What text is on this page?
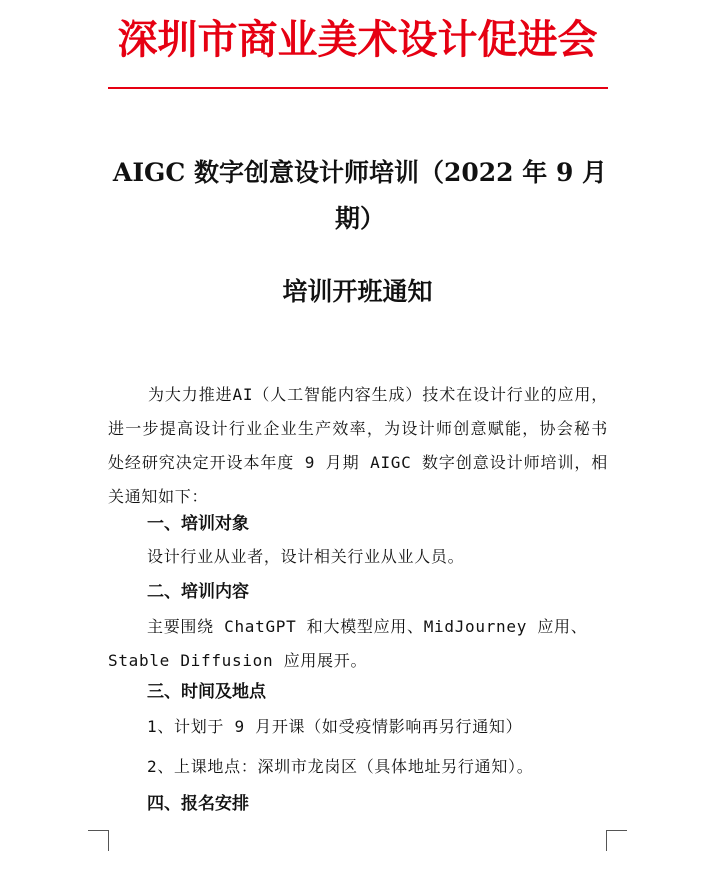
深圳市商业美术设计促进会
AIGC 数字创意设计师培训（2022 年 9 月期）
培训开班通知
为大力推进AI（人工智能内容生成）技术在设计行业的应用，进一步提高设计行业企业生产效率，为设计师创意赋能，协会秘书处经研究决定开设本年度 9 月期 AIGC 数字创意设计师培训，相关通知如下：
一、培训对象
设计行业从业者，设计相关行业从业人员。
二、培训内容
主要围绕 ChatGPT 和大模型应用、MidJourney 应用、
Stable Diffusion 应用展开。
三、时间及地点
1、计划于 9 月开课（如受疫情影响再另行通知）
2、上课地点：深圳市龙岗区（具体地址另行通知）。
四、报名安排
